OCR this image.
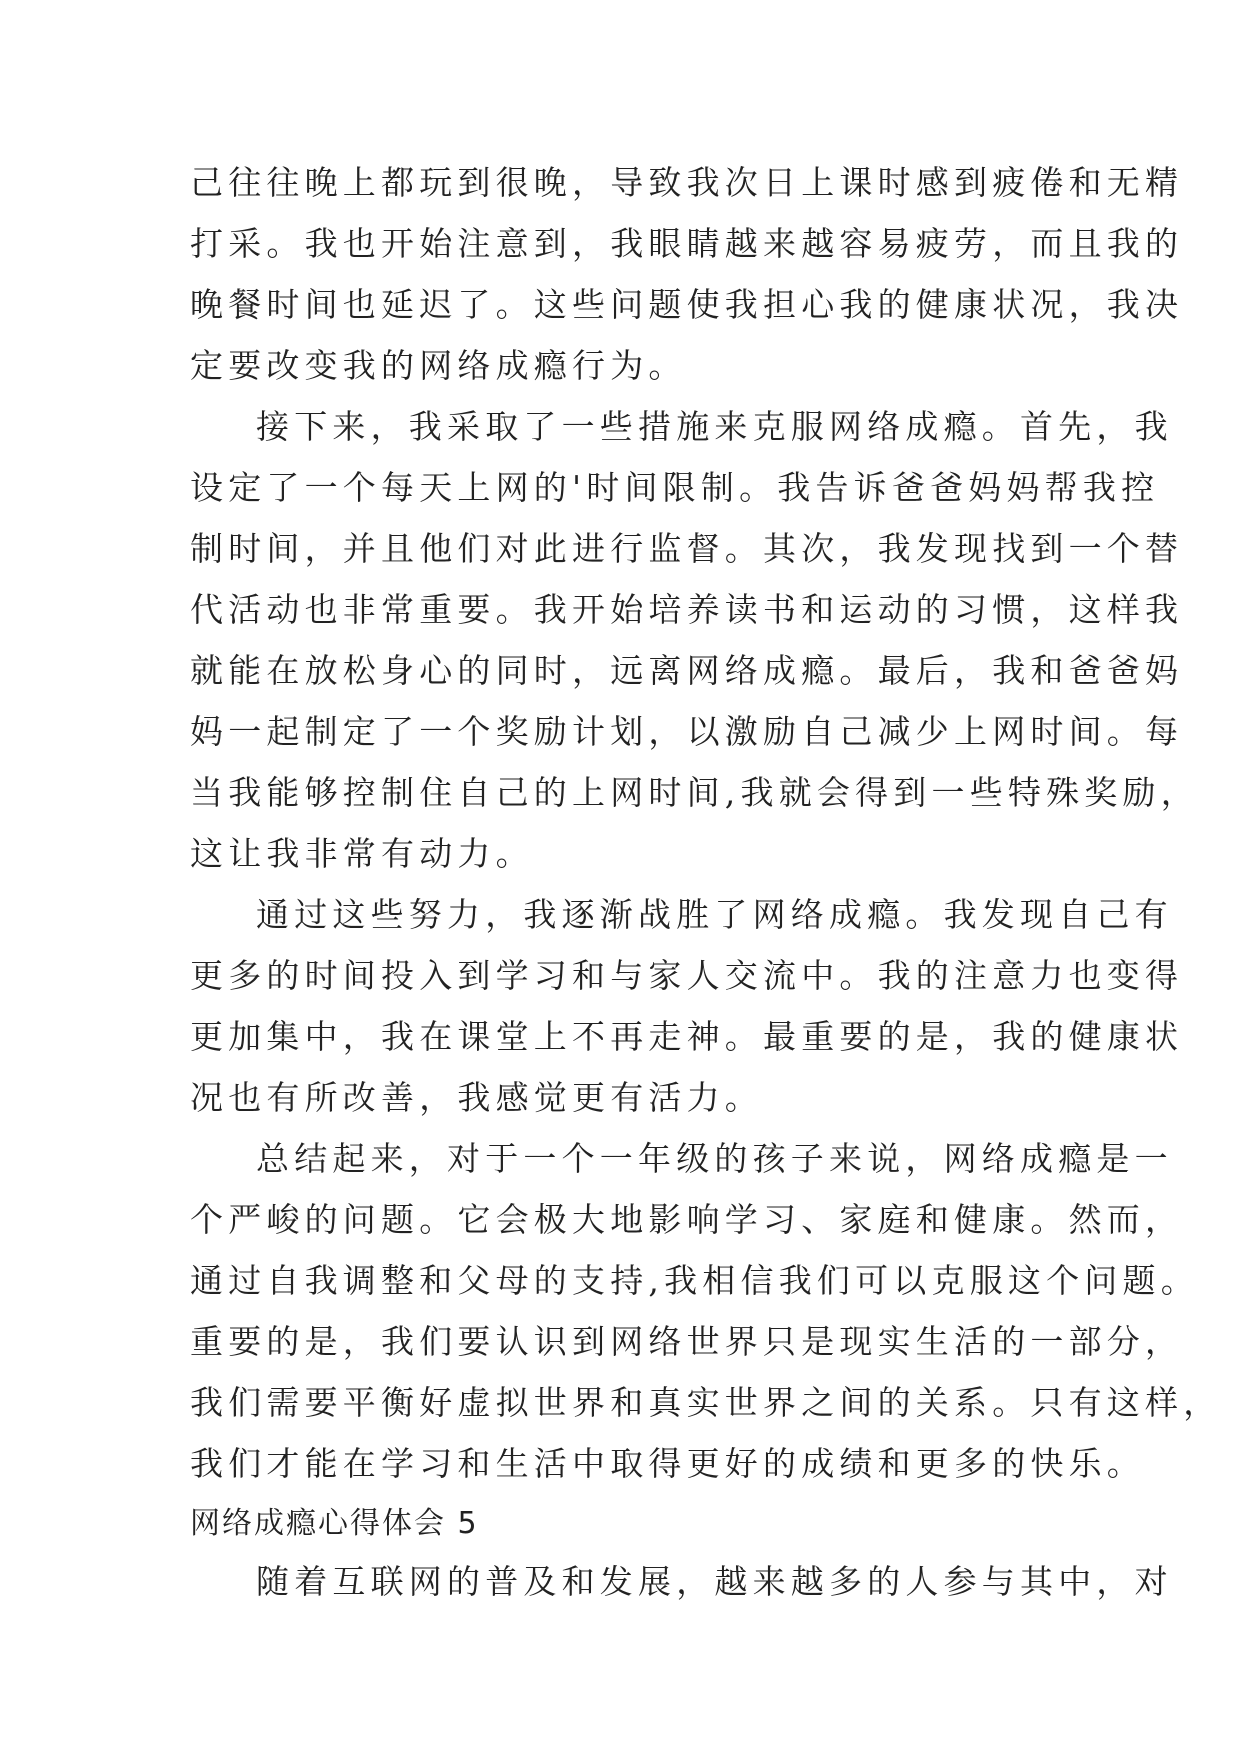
己往往晚上都玩到很晚，导致我次日上课时感到疲倦和无精
打采。我也开始注意到，我眼睛越来越容易疲劳，而且我的
晚餐时间也延迟了。这些问题使我担心我的健康状况，我决
定要改变我的网络成瘾行为。
接下来，我采取了一些措施来克服网络成瘾。首先，我
设定了一个每天上网的'时间限制。我告诉爸爸妈妈帮我控
制时间，并且他们对此进行监督。其次，我发现找到一个替
代活动也非常重要。我开始培养读书和运动的习惯，这样我
就能在放松身心的同时，远离网络成瘾。最后，我和爸爸妈
妈一起制定了一个奖励计划，以激励自己减少上网时间。每
当我能够控制住自己的上网时间,我就会得到一些特殊奖励，
这让我非常有动力。
通过这些努力，我逐渐战胜了网络成瘾。我发现自己有
更多的时间投入到学习和与家人交流中。我的注意力也变得
更加集中，我在课堂上不再走神。最重要的是，我的健康状
况也有所改善，我感觉更有活力。
总结起来，对于一个一年级的孩子来说，网络成瘾是一
个严峻的问题。它会极大地影响学习、家庭和健康。然而，
通过自我调整和父母的支持,我相信我们可以克服这个问题。
重要的是，我们要认识到网络世界只是现实生活的一部分，
我们需要平衡好虚拟世界和真实世界之间的关系。只有这样，
我们才能在学习和生活中取得更好的成绩和更多的快乐。
网络成瘾心得体会 5
随着互联网的普及和发展，越来越多的人参与其中，对
